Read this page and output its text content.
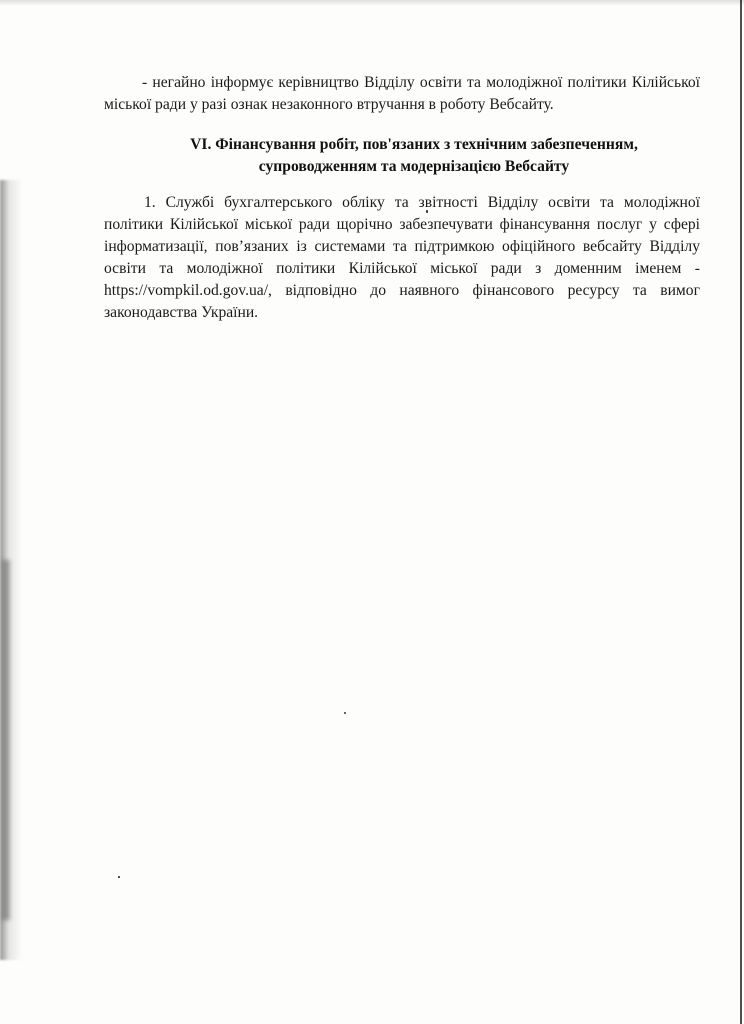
- негайно інформує керівництво Відділу освіти та молодіжної політики Кілійської міської ради у разі ознак незаконного втручання в роботу Вебсайту.

VI. Фінансування робіт, пов'язаних з технічним забезпеченням,
супроводженням та модернізацією Вебсайту

1. Службі бухгалтерського обліку та звітності Відділу освіти та молодіжної політики Кілійської міської ради щорічно забезпечувати фінансування послуг у сфері інформатизації, пов’язаних із системами та підтримкою офіційного вебсайту Відділу освіти та молодіжної політики Кілійської міської ради з доменним іменем - https://vompkil.od.gov.ua/, відповідно до наявного фінансового ресурсу та вимог законодавства України.
